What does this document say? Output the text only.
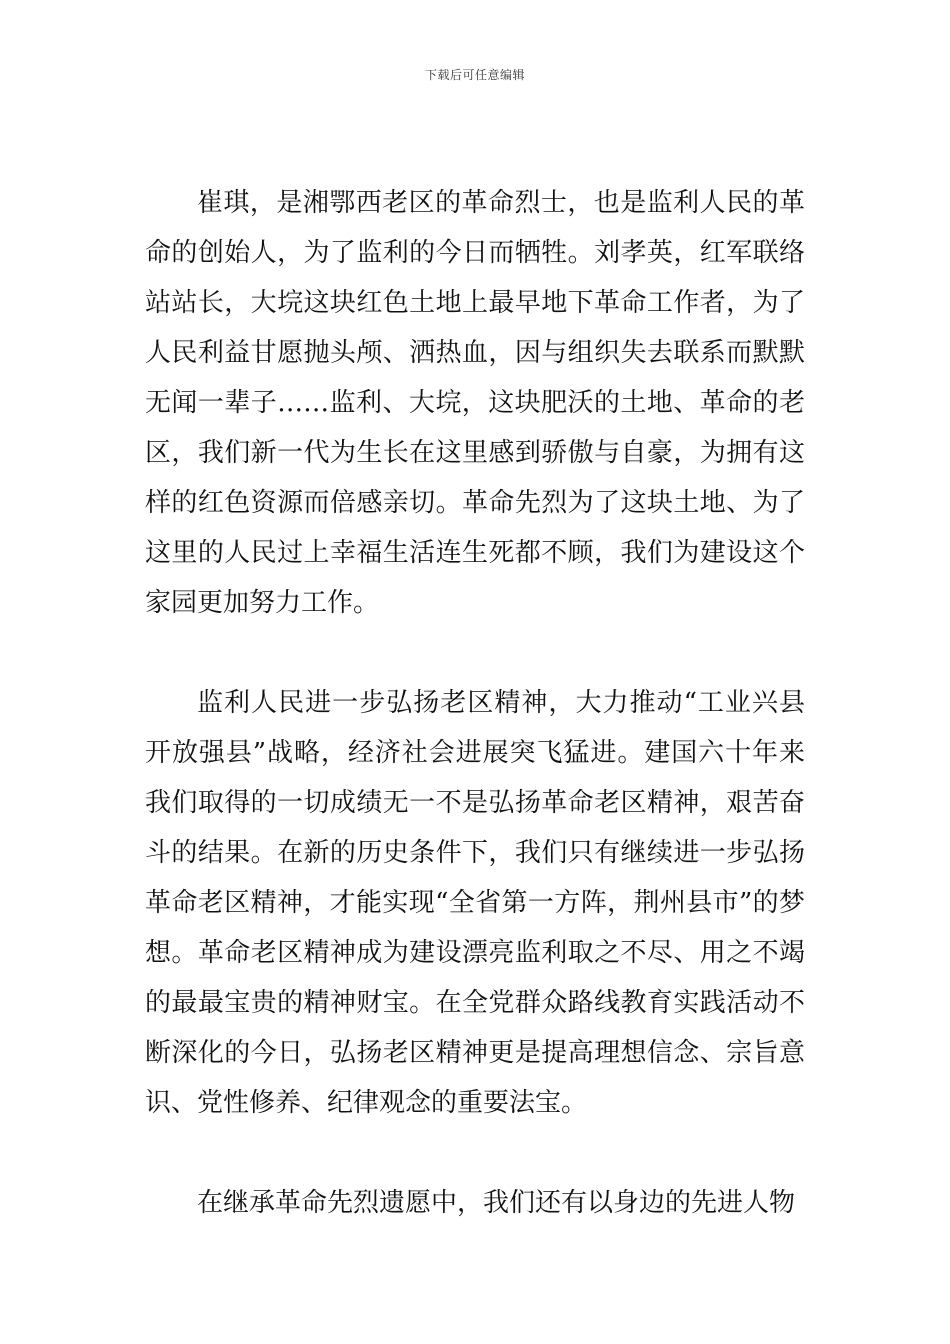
下载后可任意编辑

崔琪，是湘鄂西老区的革命烈士，也是监利人民的革命的创始人，为了监利的今日而牺牲。刘孝英，红军联络站站长，大垸这块红色土地上最早地下革命工作者，为了人民利益甘愿抛头颅、洒热血，因与组织失去联系而默默无闻一辈子……监利、大垸，这块肥沃的土地、革命的老区，我们新一代为生长在这里感到骄傲与自豪，为拥有这样的红色资源而倍感亲切。革命先烈为了这块土地、为了这里的人民过上幸福生活连生死都不顾，我们为建设这个家园更加努力工作。

监利人民进一步弘扬老区精神，大力推动“工业兴县开放强县”战略，经济社会进展突飞猛进。建国六十年来我们取得的一切成绩无一不是弘扬革命老区精神，艰苦奋斗的结果。在新的历史条件下，我们只有继续进一步弘扬革命老区精神，才能实现“全省第一方阵，荆州县市”的梦想。革命老区精神成为建设漂亮监利取之不尽、用之不竭的最最宝贵的精神财宝。在全党群众路线教育实践活动不断深化的今日，弘扬老区精神更是提高理想信念、宗旨意识、党性修养、纪律观念的重要法宝。

在继承革命先烈遗愿中，我们还有以身边的先进人物
